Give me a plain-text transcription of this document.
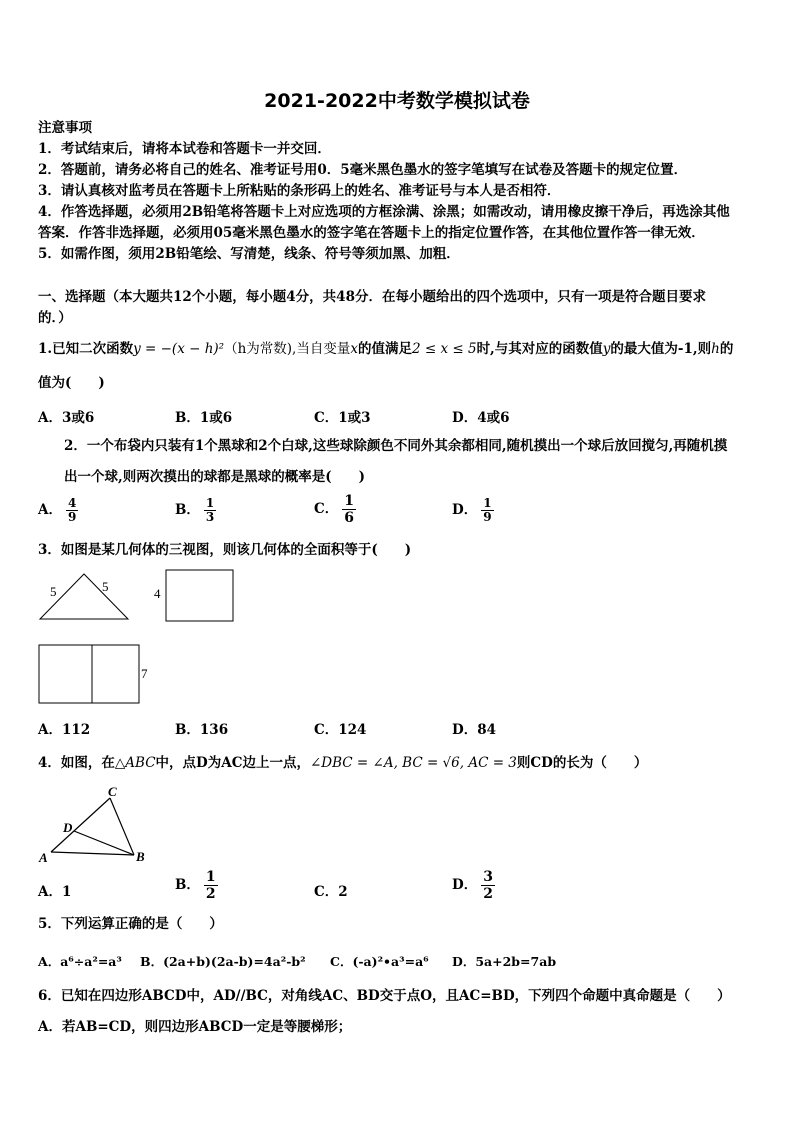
2021-2022中考数学模拟试卷
注意事项
1．考试结束后，请将本试卷和答题卡一并交回．
2．答题前，请务必将自己的姓名、准考证号用0．5毫米黑色墨水的签字笔填写在试卷及答题卡的规定位置．
3．请认真核对监考员在答题卡上所粘贴的条形码上的姓名、准考证号与本人是否相符．
4．作答选择题，必须用2B铅笔将答题卡上对应选项的方框涂满、涂黑；如需改动，请用橡皮擦干净后，再选涂其他
答案．作答非选择题，必须用05毫米黑色墨水的签字笔在答题卡上的指定位置作答，在其他位置作答一律无效．
5．如需作图，须用2B铅笔绘、写清楚，线条、符号等须加黑、加粗．
一、选择题（本大题共12个小题，每小题4分，共48分．在每小题给出的四个选项中，只有一项是符合题目要求
的．）
1.已知二次函数y = −(x − h)²（h为常数),当自变量x的值满足2 ≤ x ≤ 5时,与其对应的函数值y的最大值为-1,则h的
值为(　　)
A．3或6	B．1或6	C．1或3	D．4或6
2．一个布袋内只装有1个黑球和2个白球,这些球除颜色不同外其余都相同,随机摸出一个球后放回搅匀,再随机摸
出一个球,则两次摸出的球都是黑球的概率是(　　)
A． $\frac{4}{9}$	B． $\frac{1}{3}$	C． $\frac{1}{6}$	D． $\frac{1}{9}$
3．如图是某几何体的三视图，则该几何体的全面积等于(　　)
5	5	4
7
A．112	B．136	C．124	D．84
4．如图，在△ABC中，点D为AC边上一点，∠DBC = ∠A, BC = √6, AC = 3则CD的长为（　　）
A	B
C
D
A．1	B． $\frac{1}{2}$	C．2	D． $\frac{3}{2}$
5．下列运算正确的是（　　）
A．a⁶÷a²=a³ B．(2a+b)(2a-b)=4a²-b² C．(-a)²•a³=a⁶ D．5a+2b=7ab
6．已知在四边形ABCD中，AD//BC，对角线AC、BD交于点O，且AC=BD，下列四个命题中真命题是（　　）
A．若AB=CD，则四边形ABCD一定是等腰梯形；
